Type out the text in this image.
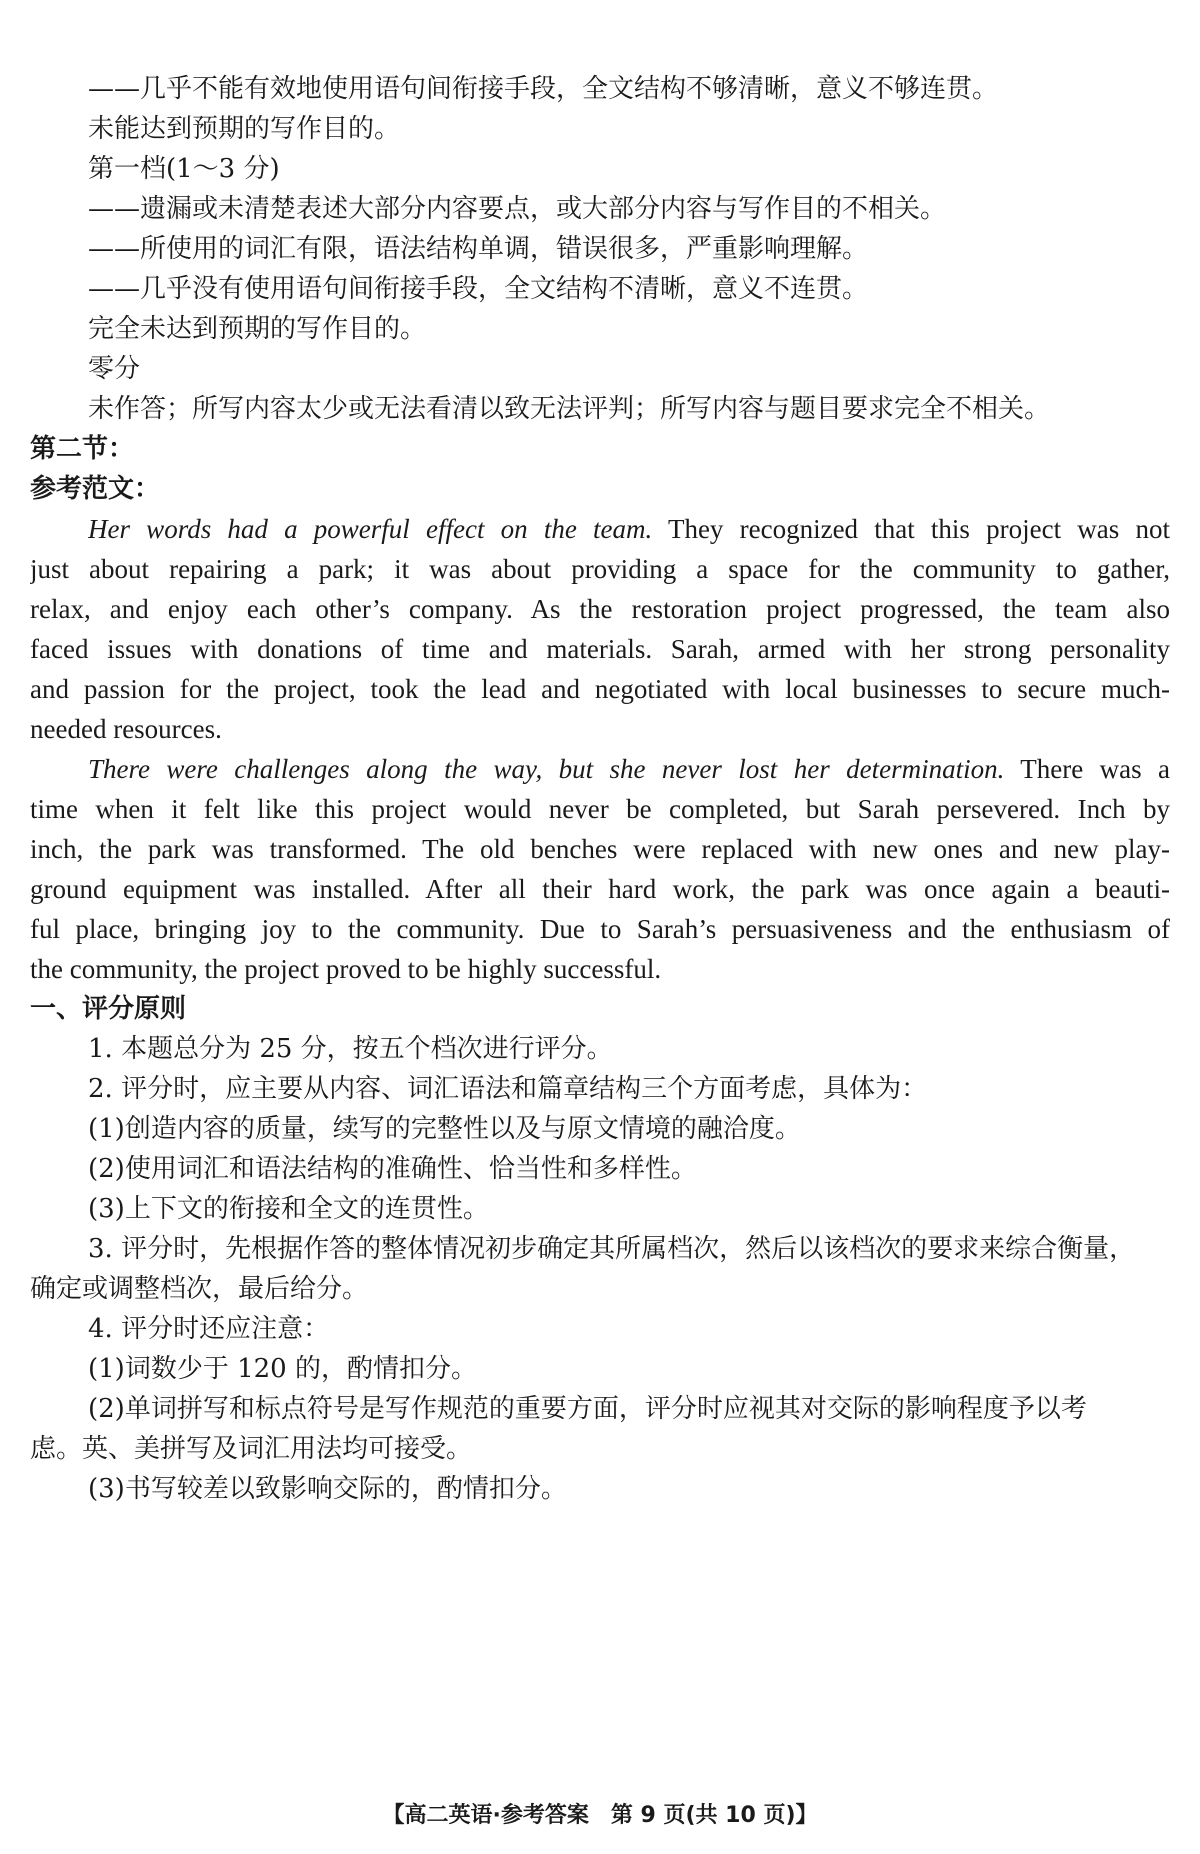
——几乎不能有效地使用语句间衔接手段，全文结构不够清晰，意义不够连贯。
未能达到预期的写作目的。
第一档(1～3 分)
——遗漏或未清楚表述大部分内容要点，或大部分内容与写作目的不相关。
——所使用的词汇有限，语法结构单调，错误很多，严重影响理解。
——几乎没有使用语句间衔接手段，全文结构不清晰，意义不连贯。
完全未达到预期的写作目的。
零分
未作答；所写内容太少或无法看清以致无法评判；所写内容与题目要求完全不相关。
第二节：
参考范文：
Her words had a powerful effect on the team. They recognized that this project was not
just about repairing a park; it was about providing a space for the community to gather,
relax, and enjoy each other’s company. As the restoration project progressed, the team also
faced issues with donations of time and materials. Sarah, armed with her strong personality
and passion for the project, took the lead and negotiated with local businesses to secure much-
needed resources.
There were challenges along the way, but she never lost her determination. There was a
time when it felt like this project would never be completed, but Sarah persevered. Inch by
inch, the park was transformed. The old benches were replaced with new ones and new play-
ground equipment was installed. After all their hard work, the park was once again a beauti-
ful place, bringing joy to the community. Due to Sarah’s persuasiveness and the enthusiasm of
the community, the project proved to be highly successful.
一、评分原则
1. 本题总分为 25 分，按五个档次进行评分。
2. 评分时，应主要从内容、词汇语法和篇章结构三个方面考虑，具体为：
(1)创造内容的质量，续写的完整性以及与原文情境的融洽度。
(2)使用词汇和语法结构的准确性、恰当性和多样性。
(3)上下文的衔接和全文的连贯性。
3. 评分时，先根据作答的整体情况初步确定其所属档次，然后以该档次的要求来综合衡量，
确定或调整档次，最后给分。
4. 评分时还应注意：
(1)词数少于 120 的，酌情扣分。
(2)单词拼写和标点符号是写作规范的重要方面，评分时应视其对交际的影响程度予以考
虑。英、美拼写及词汇用法均可接受。
(3)书写较差以致影响交际的，酌情扣分。
【高二英语·参考答案　第 9 页(共 10 页)】
